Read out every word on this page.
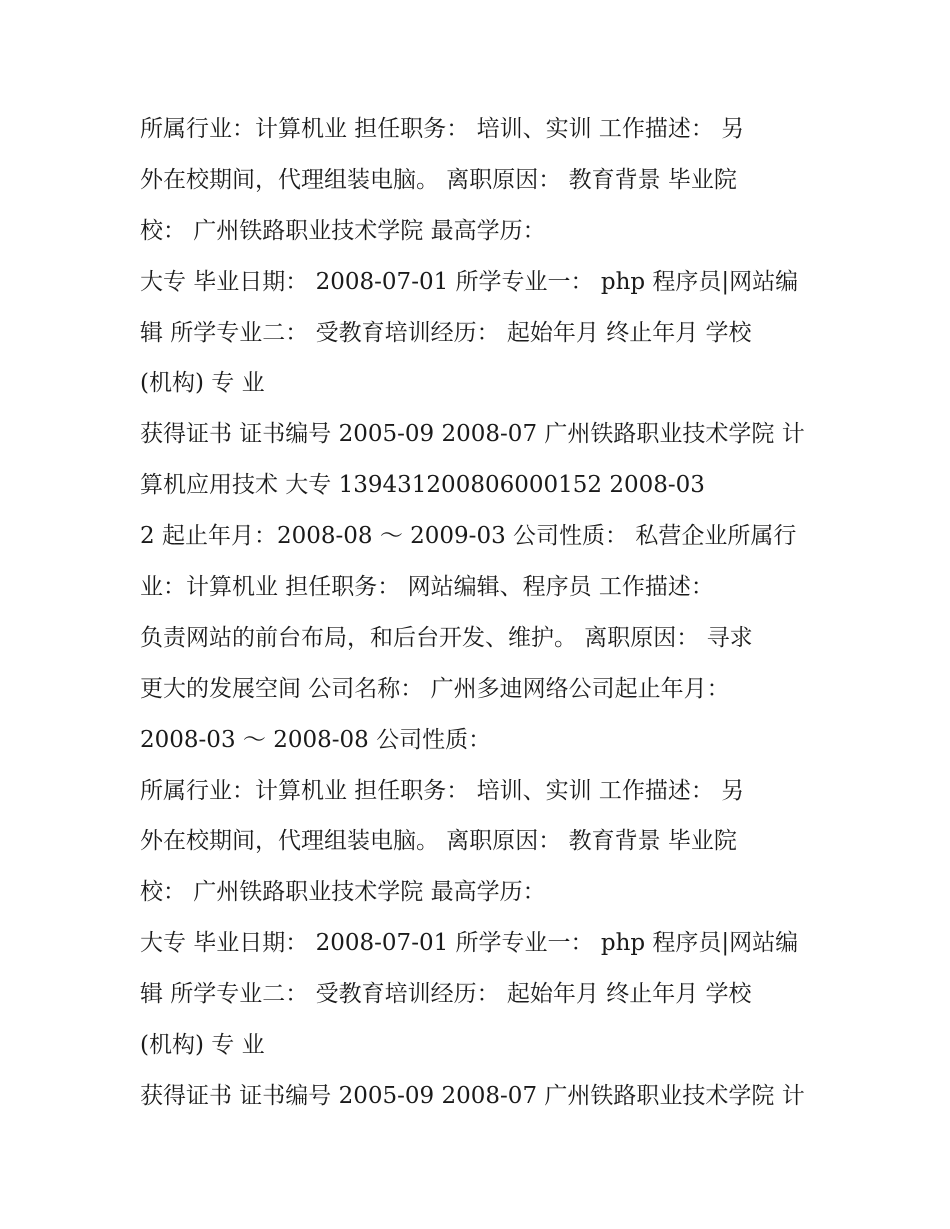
所属行业：计算机业 担任职务： 培训、实训 工作描述： 另
外在校期间，代理组装电脑。 离职原因： 教育背景 毕业院
校： 广州铁路职业技术学院 最高学历：
大专 毕业日期： 2008-07-01 所学专业一： php 程序员|网站编
辑 所学专业二： 受教育培训经历： 起始年月 终止年月 学校
(机构) 专 业
获得证书 证书编号 2005-09 2008-07 广州铁路职业技术学院 计
算机应用技术 大专 139431200806000152 2008-03
2 起止年月：2008-08 ～ 2009-03 公司性质： 私营企业所属行
业：计算机业 担任职务： 网站编辑、程序员 工作描述：
负责网站的前台布局，和后台开发、维护。 离职原因： 寻求
更大的发展空间 公司名称： 广州多迪网络公司起止年月：
2008-03 ～ 2008-08 公司性质：
所属行业：计算机业 担任职务： 培训、实训 工作描述： 另
外在校期间，代理组装电脑。 离职原因： 教育背景 毕业院
校： 广州铁路职业技术学院 最高学历：
大专 毕业日期： 2008-07-01 所学专业一： php 程序员|网站编
辑 所学专业二： 受教育培训经历： 起始年月 终止年月 学校
(机构) 专 业
获得证书 证书编号 2005-09 2008-07 广州铁路职业技术学院 计
